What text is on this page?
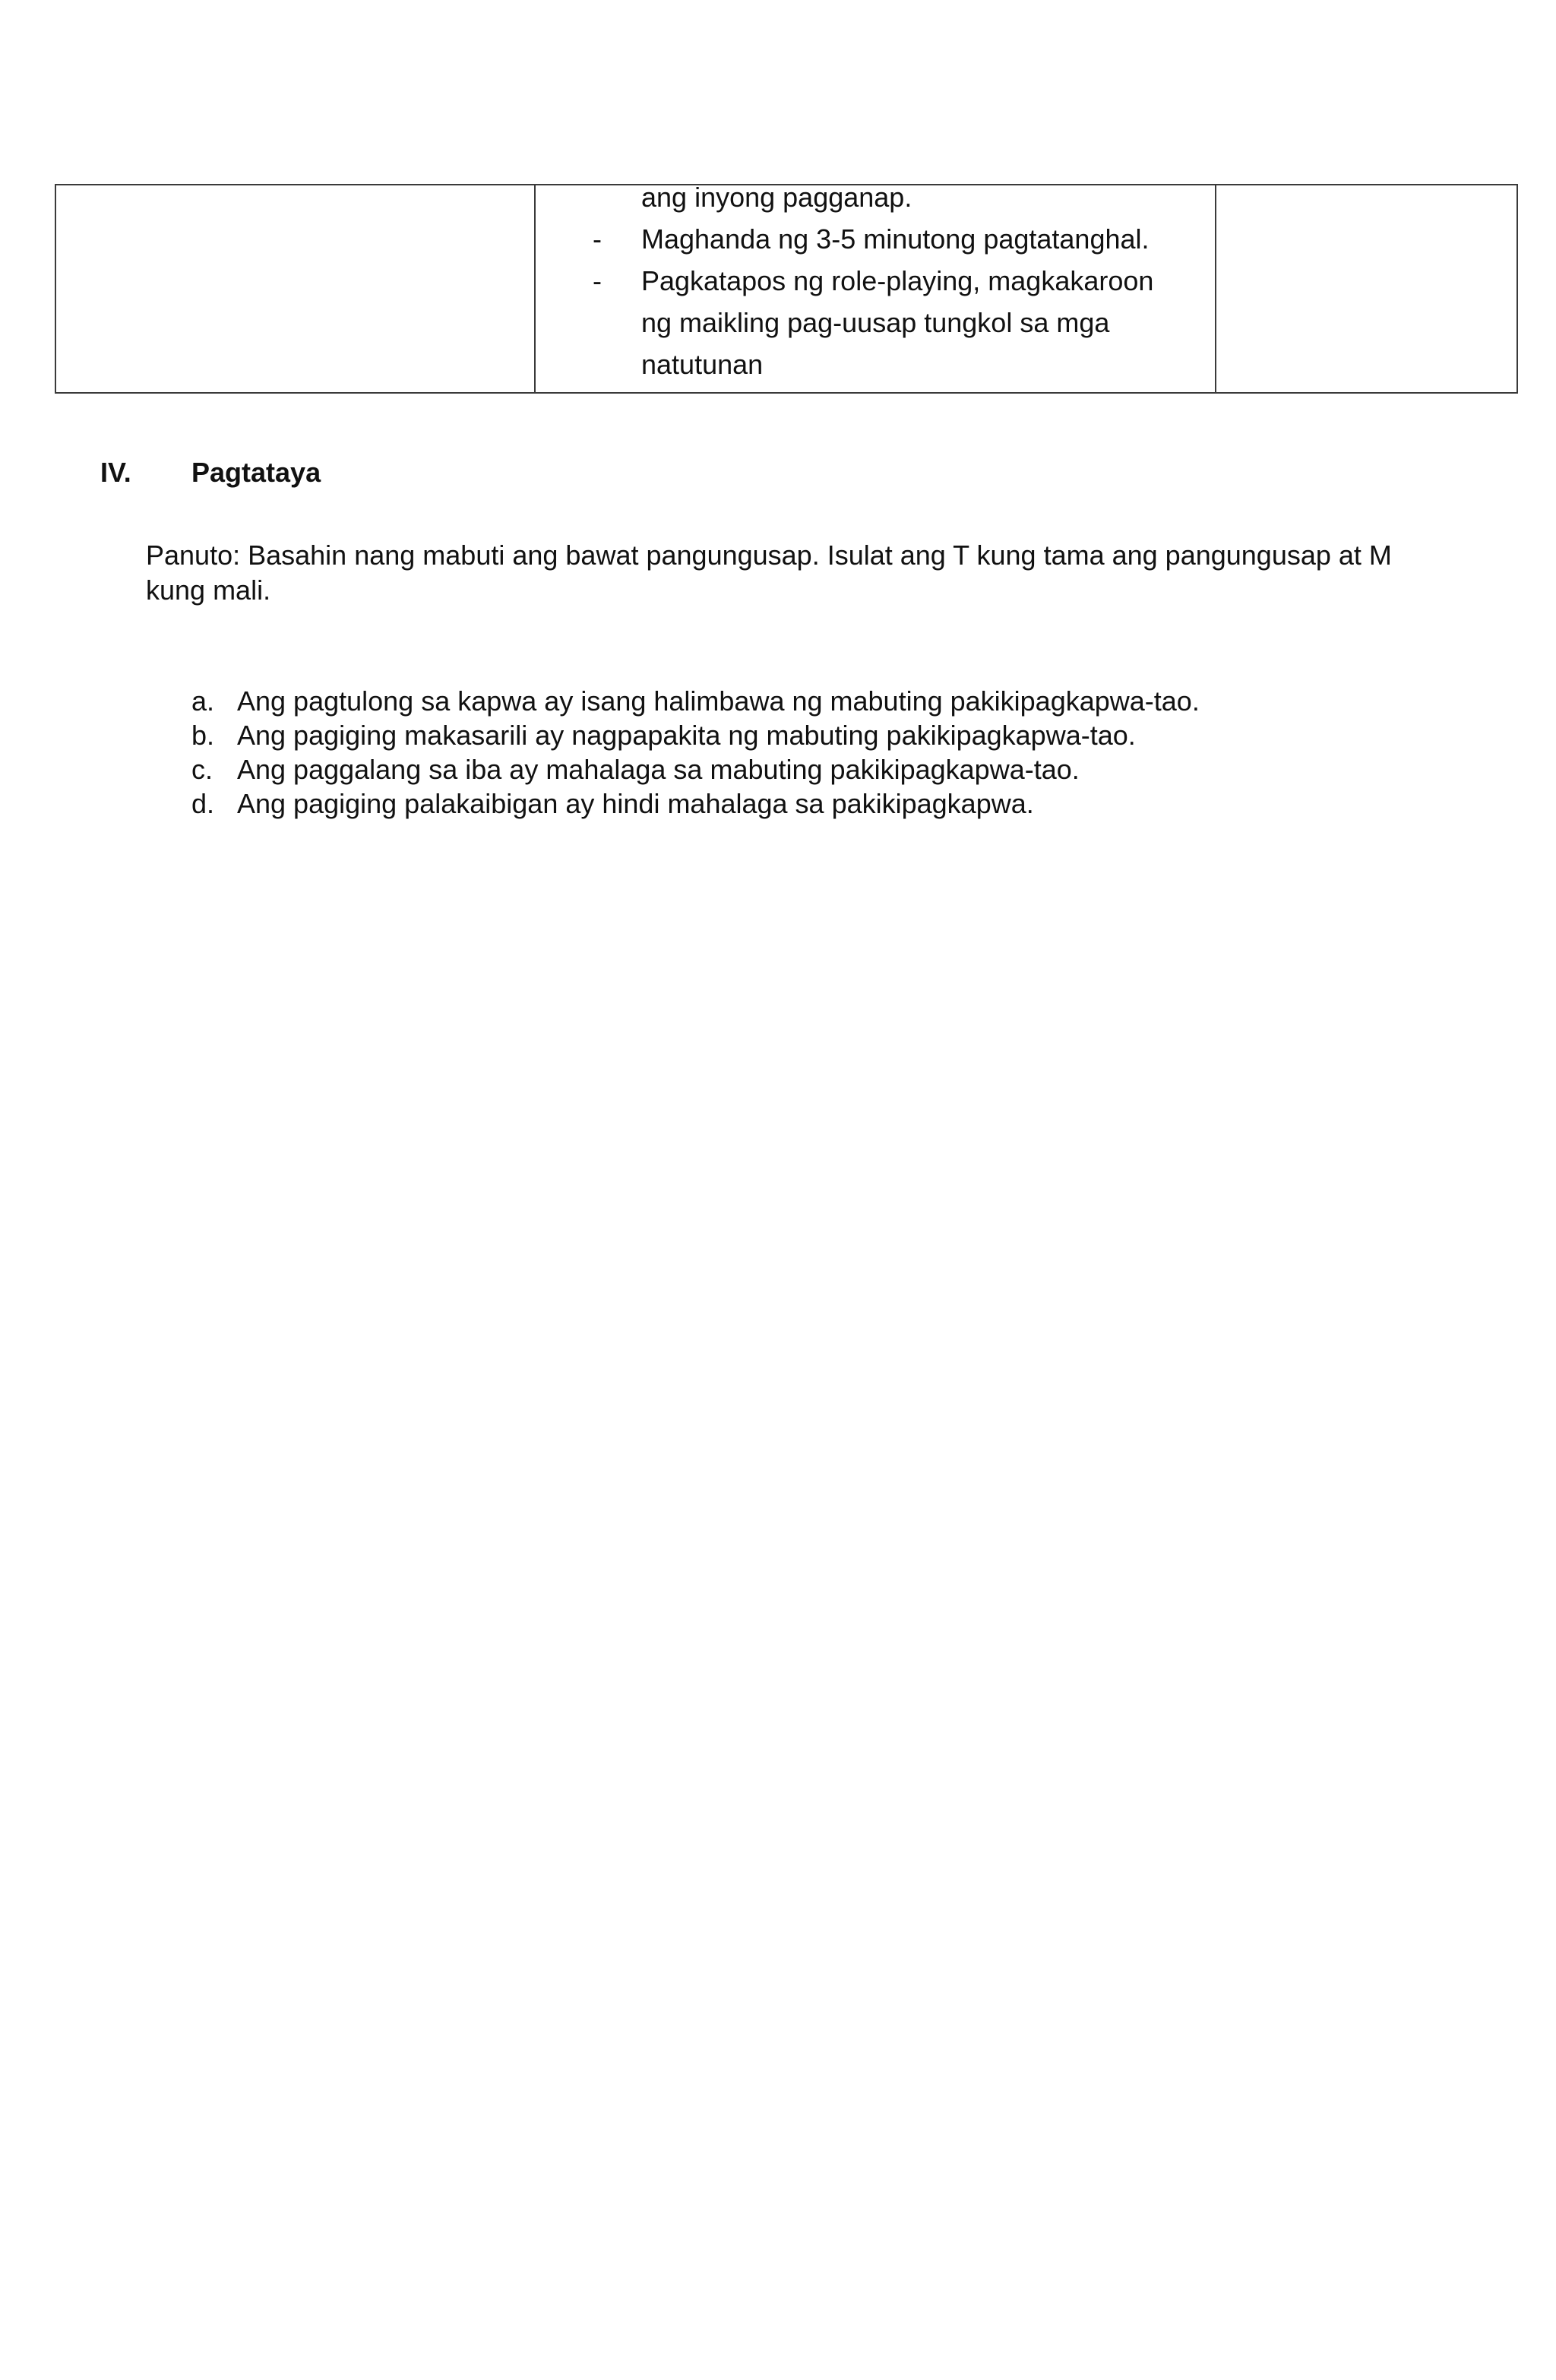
ang inyong pagganap.
- Maghanda ng 3-5 minutong pagtatanghal.
- Pagkatapos ng role-playing, magkakaroon ng maikling pag-uusap tungkol sa mga natutunan
IV. Pagtataya
Panuto: Basahin nang mabuti ang bawat pangungusap. Isulat ang T kung tama ang pangungusap at M kung mali.
a. Ang pagtulong sa kapwa ay isang halimbawa ng mabuting pakikipagkapwa-tao.
b. Ang pagiging makasarili ay nagpapakita ng mabuting pakikipagkapwa-tao.
c. Ang paggalang sa iba ay mahalaga sa mabuting pakikipagkapwa-tao.
d. Ang pagiging palakaibigan ay hindi mahalaga sa pakikipagkapwa.
